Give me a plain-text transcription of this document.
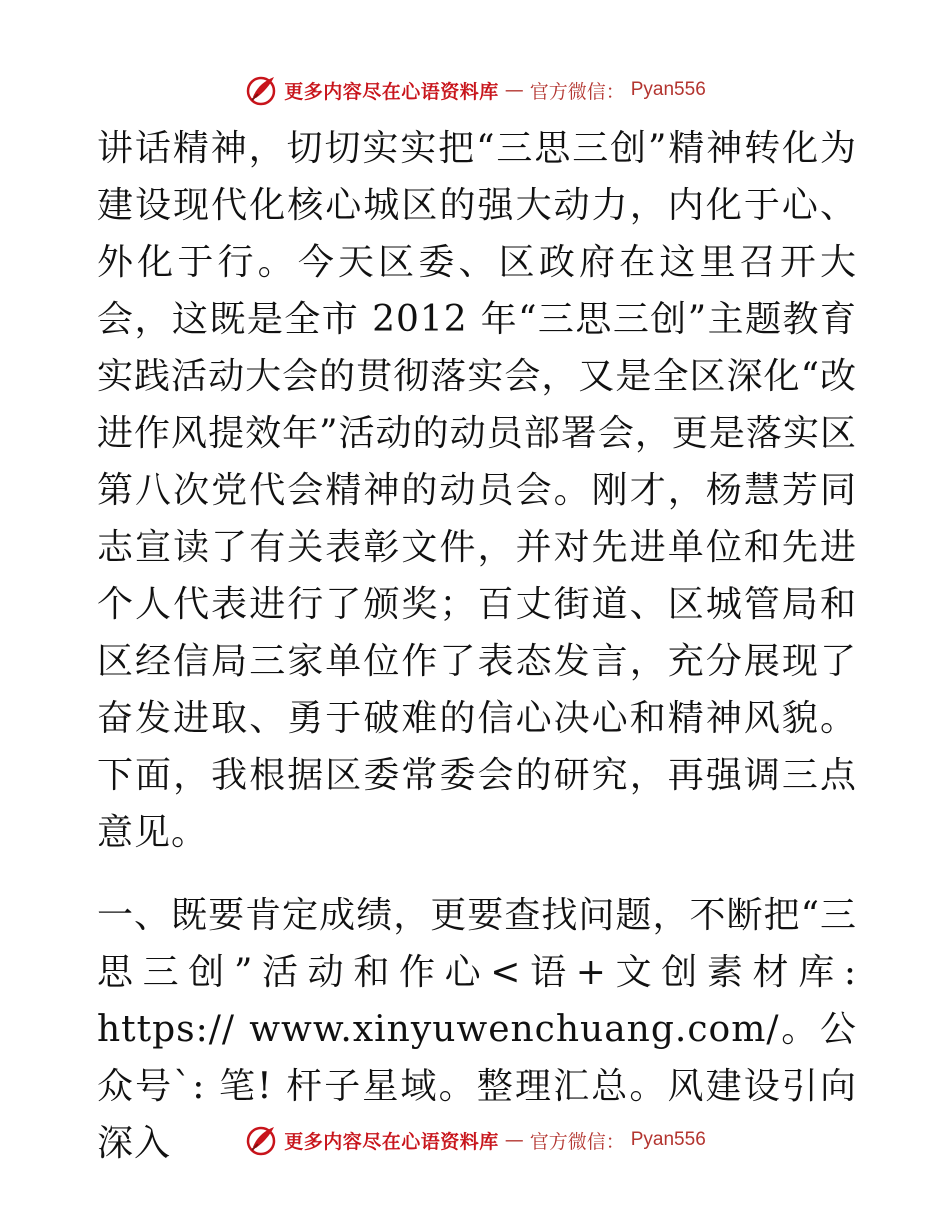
更多内容尽在心语资料库 — 官方微信： Pyan556

讲话精神，切切实实把“三思三创”精神转化为建设现代化核心城区的强大动力，内化于心、外化于行。今天区委、区政府在这里召开大会，这既是全市 2012 年“三思三创”主题教育实践活动大会的贯彻落实会，又是全区深化“改进作风提效年”活动的动员部署会，更是落实区第八次党代会精神的动员会。刚才，杨慧芳同志宣读了有关表彰文件，并对先进单位和先进个人代表进行了颁奖；百丈街道、区城管局和区经信局三家单位作了表态发言，充分展现了奋发进取、勇于破难的信心决心和精神风貌。下面，我根据区委常委会的研究，再强调三点意见。

一、既要肯定成绩，更要查找问题，不断把“三思三创”活动和作心<语+文创素材库: https:// www.xinyuwenchuang.com/。公众号`: 笔! 杆子星域。整理汇总。风建设引向深入	更多内容尽在心语资料库 — 官方微信： Pyan556
